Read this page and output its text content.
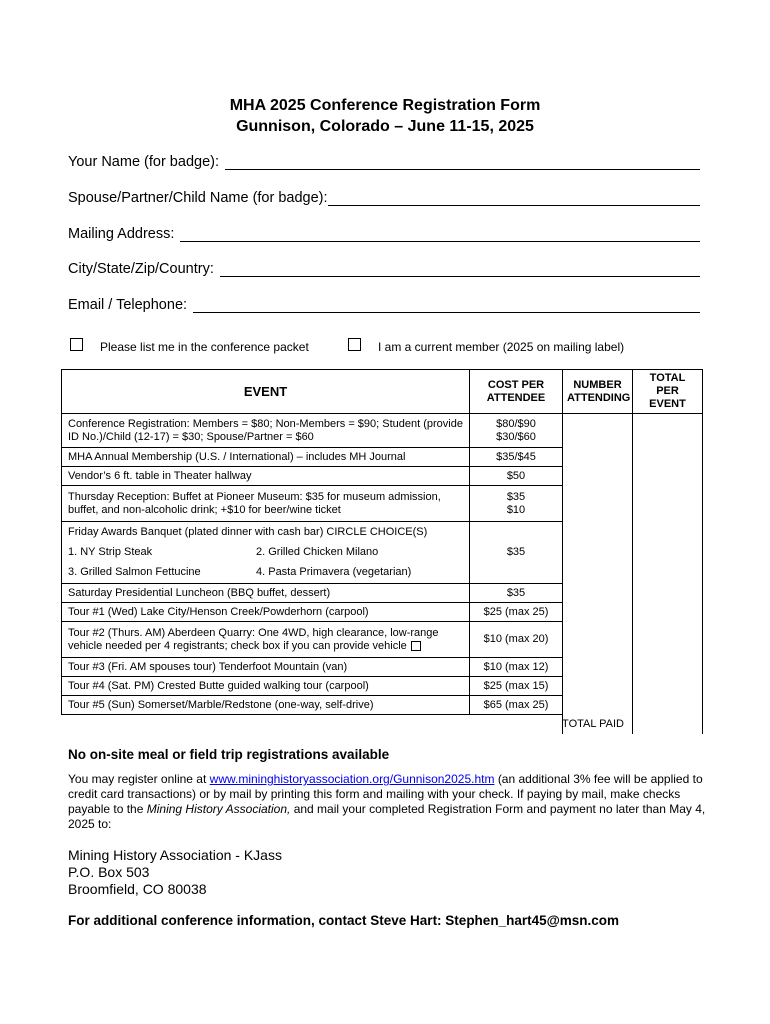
MHA 2025 Conference Registration Form
Gunnison, Colorado – June 11-15, 2025
Your Name (for badge):
Spouse/Partner/Child Name (for badge):
Mailing Address:
City/State/Zip/Country:
Email / Telephone:
Please list me in the conference packet	I am a current member (2025 on mailing label)
EVENT	COST PER ATTENDEE	NUMBER ATTENDING	TOTAL PER EVENT
Conference Registration: Members = $80; Non-Members = $90; Student (provide ID No.)/Child (12-17) = $30; Spouse/Partner = $60	$80/$90
$30/$60		

MHA Annual Membership (U.S. / International) – includes MH Journal	$35/$45		
Vendor’s 6 ft. table in Theater hallway	$50		
Thursday Reception: Buffet at Pioneer Museum: $35 for museum admission, buffet, and non-alcoholic drink; +$10 for beer/wine ticket	$35
$10		

Friday Awards Banquet (plated dinner with cash bar) CIRCLE CHOICE(S)
1. NY Strip Steak 2. Grilled Chicken Milano
3. Grilled Salmon Fettucine 4. Pasta Primavera (vegetarian)	$35		
Saturday Presidential Luncheon (BBQ buffet, dessert)	$35		
Tour #1 (Wed) Lake City/Henson Creek/Powderhorn (carpool)	$25 (max 25)		

Tour #2 (Thurs. AM) Aberdeen Quarry: One 4WD, high clearance, low-range
vehicle needed per 4 registrants; check box if you can provide vehicle	$10 (max 20)		
Tour #3 (Fri. AM spouses tour) Tenderfoot Mountain (van)	$10 (max 12)		
Tour #4 (Sat. PM) Crested Butte guided walking tour (carpool)	$25 (max 15)		
Tour #5 (Sun) Somerset/Marble/Redstone (one-way, self-drive)	$65 (max 25)		
TOTAL PAID			
No on-site meal or field trip registrations available
You may register online at www.mininghistoryassociation.org/Gunnison2025.htm (an additional 3% fee will be applied to credit card transactions) or by mail by printing this form and mailing with your check. If paying by mail, make checks payable to the Mining History Association, and mail your completed Registration Form and payment no later than May 4, 2025 to:
Mining History Association - KJass
P.O. Box 503
Broomfield, CO 80038
For additional conference information, contact Steve Hart: Stephen_hart45@msn.com
